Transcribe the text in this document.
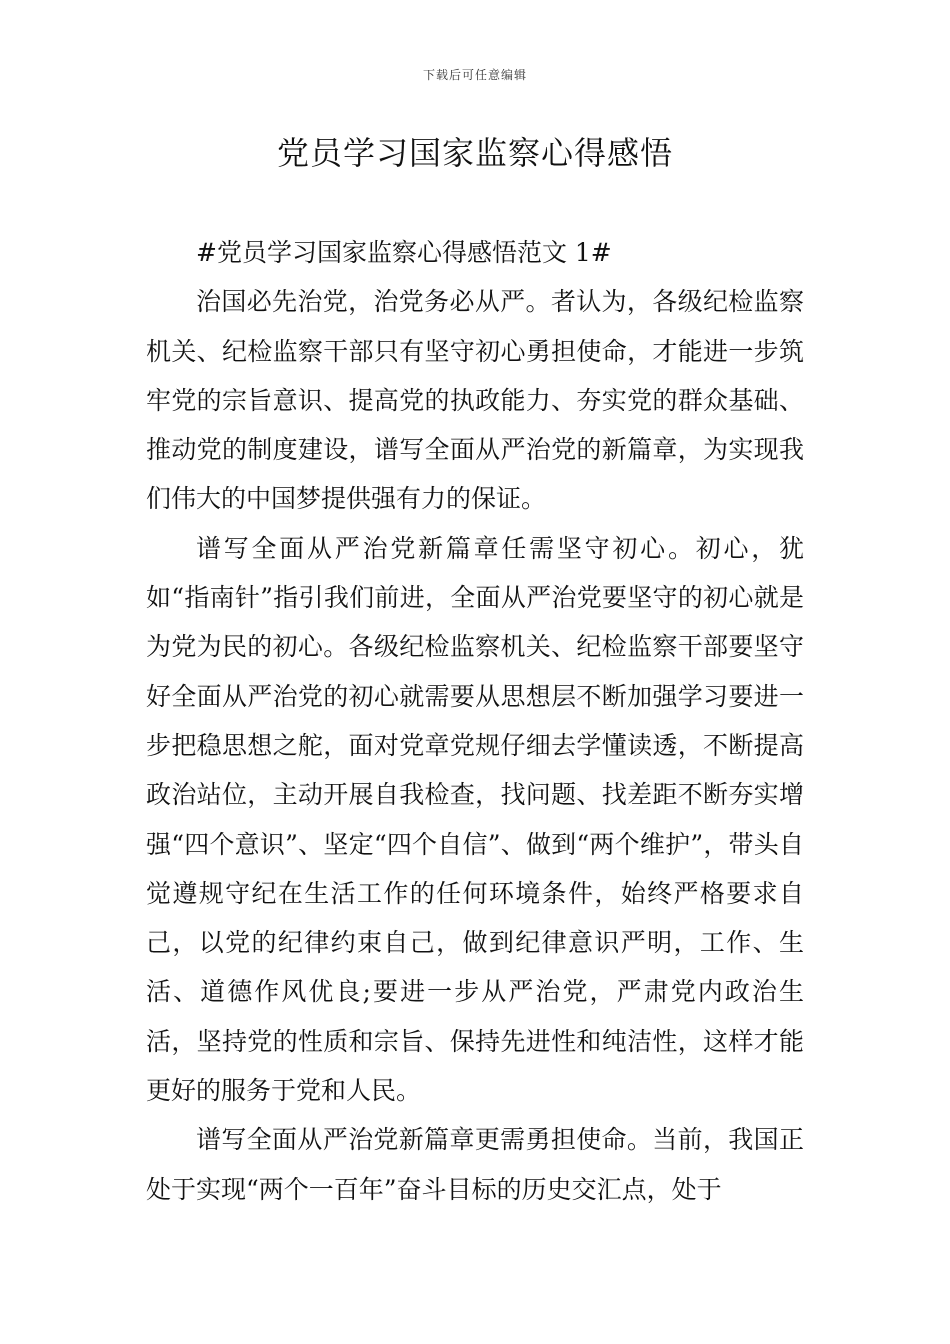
下载后可任意编辑
党员学习国家监察心得感悟

#党员学习国家监察心得感悟范文 1#

治国必先治党，治党务必从严。者认为，各级纪检监察机关、纪检监察干部只有坚守初心勇担使命，才能进一步筑牢党的宗旨意识、提高党的执政能力、夯实党的群众基础、推动党的制度建设，谱写全面从严治党的新篇章，为实现我们伟大的中国梦提供强有力的保证。

谱写全面从严治党新篇章任需坚守初心。初心，犹如“指南针”指引我们前进，全面从严治党要坚守的初心就是为党为民的初心。各级纪检监察机关、纪检监察干部要坚守好全面从严治党的初心就需要从思想层不断加强学习要进一步把稳思想之舵，面对党章党规仔细去学懂读透，不断提高政治站位，主动开展自我检查，找问题、找差距不断夯实增强“四个意识”、坚定“四个自信”、做到“两个维护”，带头自觉遵规守纪在生活工作的任何环境条件，始终严格要求自己，以党的纪律约束自己，做到纪律意识严明，工作、生活、道德作风优良;要进一步从严治党，严肃党内政治生活，坚持党的性质和宗旨、保持先进性和纯洁性，这样才能更好的服务于党和人民。

谱写全面从严治党新篇章更需勇担使命。当前，我国正处于实现“两个一百年”奋斗目标的历史交汇点，处于
